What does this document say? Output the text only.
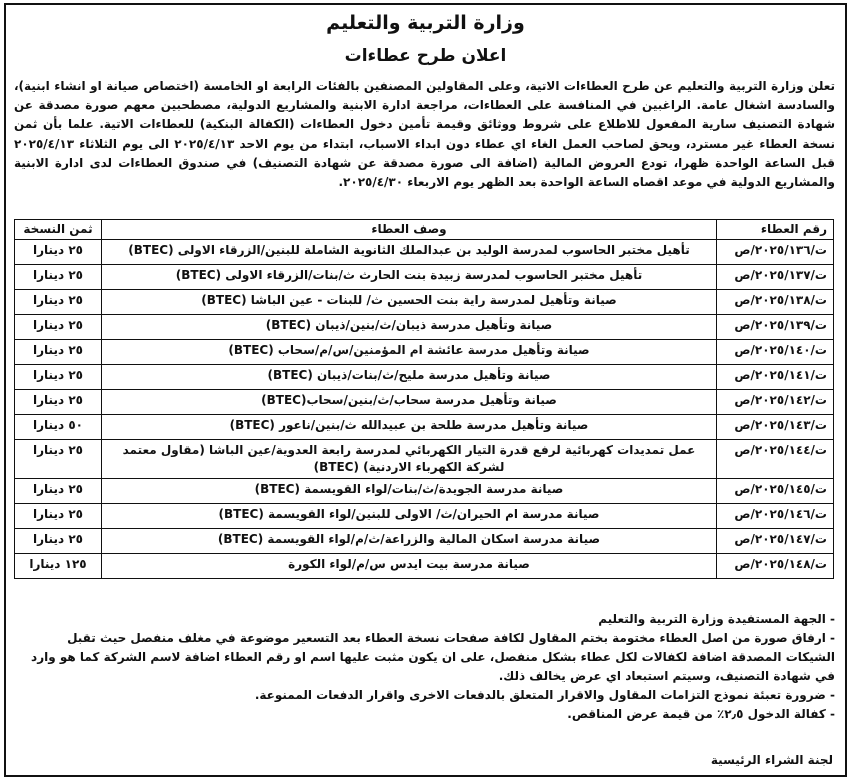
وزارة التربية والتعليم
اعلان طرح عطاءات
تعلن وزارة التربية والتعليم عن طرح العطاءات الاتية، وعلى المقاولين المصنفين بالفئات الرابعة او الخامسة (اختصاص صيانة او انشاء ابنية)، والسادسة اشغال عامة. الراغبين في المنافسة على العطاءات، مراجعة ادارة الابنية والمشاريع الدولية، مصطحبين معهم صورة مصدقة عن شهادة التصنيف سارية المفعول للاطلاع على شروط ووثائق وقيمة تأمين دخول العطاءات (الكفالة البنكية) للعطاءات الاتية. علما بأن ثمن نسخة العطاء غير مسترد، ويحق لصاحب العمل الغاء اي عطاء دون ابداء الاسباب، ابتداء من يوم الاحد ٢٠٢٥/٤/١٣ الى يوم الثلاثاء ٢٠٢٥/٤/١٣ قبل الساعة الواحدة ظهرا، تودع العروض المالية (اضافة الى صورة مصدقة عن شهادة التصنيف) في صندوق العطاءات لدى ادارة الابنية والمشاريع الدولية في موعد اقصاه الساعة الواحدة بعد الظهر يوم الاربعاء ٢٠٢٥/٤/٣٠.
رقم العطاء	وصف العطاء	ثمن النسخة
ت/٢٠٢٥/١٣٦/ص	تأهيل مختبر الحاسوب لمدرسة الوليد بن عبدالملك الثانوية الشاملة للبنين/الزرقاء الاولى (BTEC)	٢٥ دينارا
ت/٢٠٢٥/١٣٧/ص	تأهيل مختبر الحاسوب لمدرسة زبيدة بنت الحارث ث/بنات/الزرقاء الاولى (BTEC)	٢٥ دينارا
ت/٢٠٢٥/١٣٨/ص	صيانة وتأهيل لمدرسة راية بنت الحسين ث/ للبنات - عين الباشا (BTEC)	٢٥ دينارا
ت/٢٠٢٥/١٣٩/ص	صيانة وتأهيل مدرسة ذيبان/ث/بنين/ذيبان (BTEC)	٢٥ دينارا
ت/٢٠٢٥/١٤٠/ص	صيانة وتأهيل مدرسة عائشة ام المؤمنين/س/م/سحاب (BTEC)	٢٥ دينارا
ت/٢٠٢٥/١٤١/ص	صيانة وتأهيل مدرسة مليح/ث/بنات/ذيبان (BTEC)	٢٥ دينارا
ت/٢٠٢٥/١٤٢/ص	صيانة وتأهيل مدرسة سحاب/ث/بنين/سحاب(BTEC)	٢٥ دينارا
ت/٢٠٢٥/١٤٣/ص	صيانة وتأهيل مدرسة طلحة بن عبيدالله ث/بنين/ناعور (BTEC)	٥٠ دينارا
ت/٢٠٢٥/١٤٤/ص	عمل تمديدات كهربائية لرفع قدرة التيار الكهربائي لمدرسة رابعة العدوية/عين الباشا (مقاول معتمد لشركة الكهرباء الاردنية) (BTEC)	٢٥ دينارا
ت/٢٠٢٥/١٤٥/ص	صيانة مدرسة الجويدة/ث/بنات/لواء القويسمة (BTEC)	٢٥ دينارا
ت/٢٠٢٥/١٤٦/ص	صيانة مدرسة ام الحيران/ث/ الاولى للبنين/لواء القويسمة (BTEC)	٢٥ دينارا
ت/٢٠٢٥/١٤٧/ص	صيانة مدرسة اسكان المالية والزراعة/ث/م/لواء القويسمة (BTEC)	٢٥ دينارا
ت/٢٠٢٥/١٤٨/ص	صيانة مدرسة بيت ايدس س/م/لواء الكورة	١٢٥ دينارا

- الجهة المستفيدة وزارة التربية والتعليم

- ارفاق صورة من اصل العطاء مختومة بختم المقاول لكافة صفحات نسخة العطاء بعد التسعير موضوعة في مغلف منفصل حيث تقبل الشيكات المصدقة اضافة لكفالات لكل عطاء بشكل منفصل، على ان يكون مثبت عليها اسم او رقم العطاء اضافة لاسم الشركة كما هو وارد في شهادة التصنيف، وسيتم استبعاد اي عرض يخالف ذلك.

- ضرورة تعبئة نموذج التزامات المقاول والاقرار المتعلق بالدفعات الاخرى واقرار الدفعات الممنوعة.

- كفالة الدخول ٢٫٥٪ من قيمة عرض المناقص.

لجنة الشراء الرئيسية
